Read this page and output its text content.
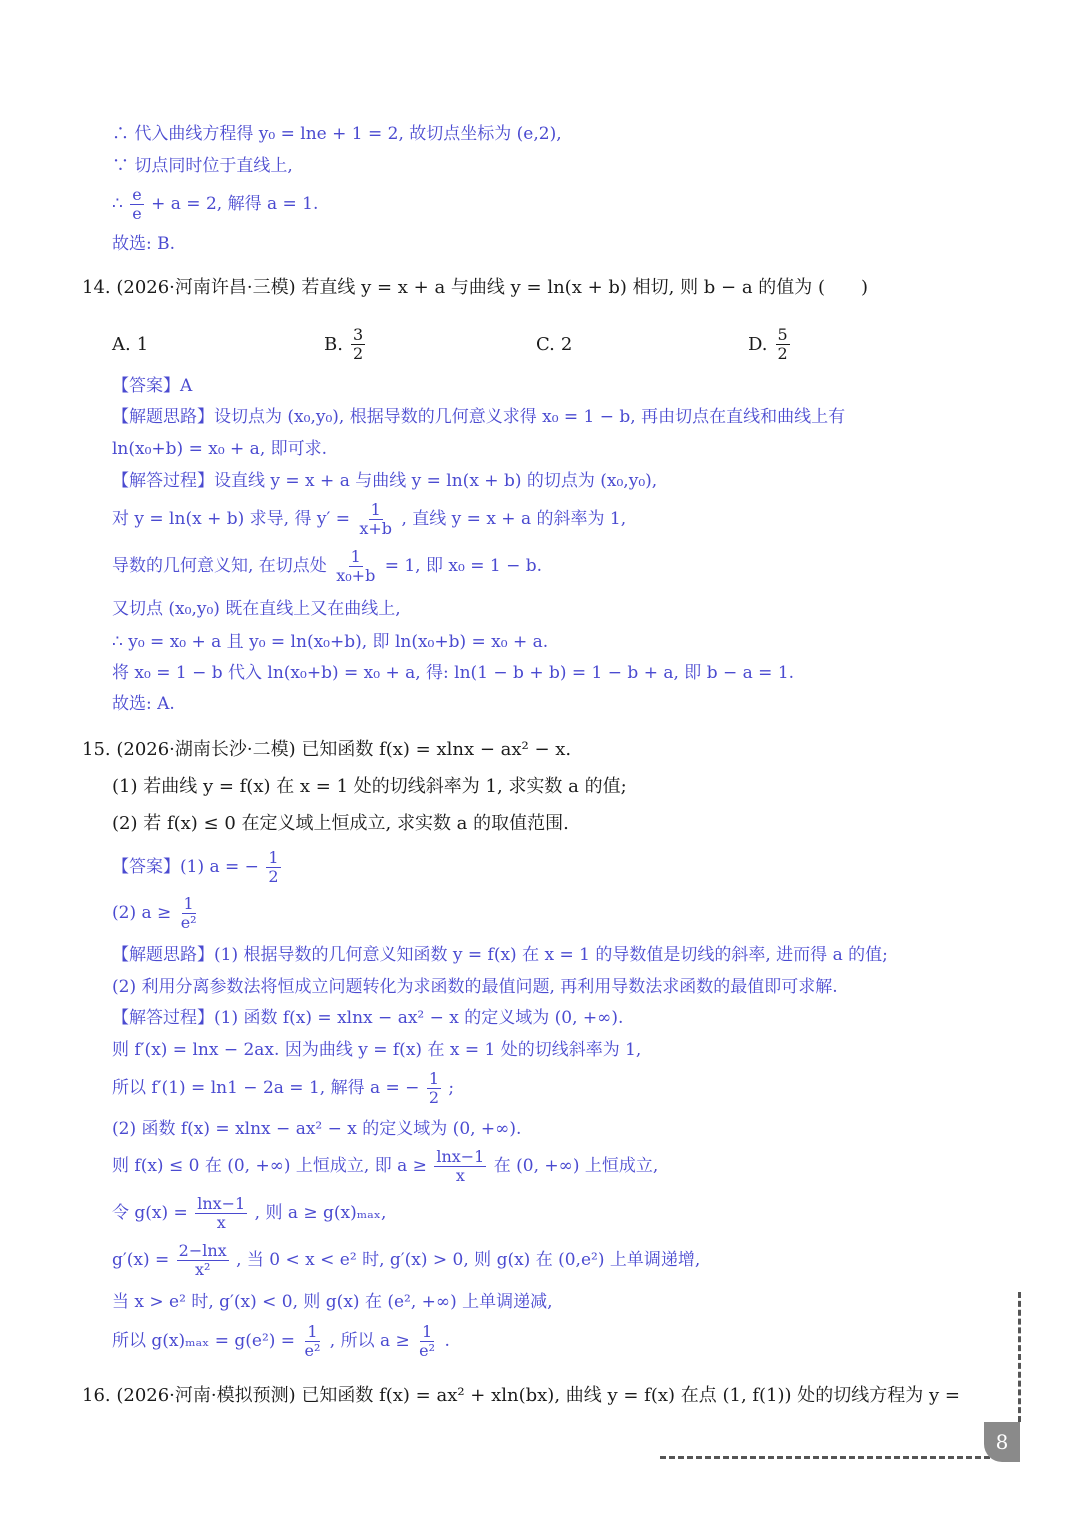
∴ 代入曲线方程得 y₀ = lne + 1 = 2, 故切点坐标为 (e,2),
∵ 切点同时位于直线上,
∴ $\frac{e}{e} + a = 2$, 解得 a = 1.
故选: B.
14. (2026·河南许昌·三模) 若直线 y = x + a 与曲线 y = ln(x + b) 相切, 则 b − a 的值为 (　　)
A. 1	B. $\frac{3}{2}$	C. 2	D. $\frac{5}{2}$
【答案】A
【解题思路】设切点为 (x₀,y₀), 根据导数的几何意义求得 x₀ = 1 − b, 再由切点在直线和曲线上有
ln(x₀+b) = x₀ + a, 即可求.
【解答过程】设直线 y = x + a 与曲线 y = ln(x + b) 的切点为 (x₀,y₀),
对 y = ln(x + b) 求导, 得 $y' = \frac{1}{x+b}$ , 直线 y = x + a 的斜率为 1,
导数的几何意义知, 在切点处 $\frac{1}{\text{x₀+b}} = 1$, 即 x₀ = 1 − b.
又切点 (x₀,y₀) 既在直线上又在曲线上,
∴ y₀ = x₀ + a 且 y₀ = ln(x₀+b), 即 ln(x₀+b) = x₀ + a.
将 x₀ = 1 − b 代入 ln(x₀+b) = x₀ + a, 得: ln(1 − b + b) = 1 − b + a, 即 b − a = 1.
故选: A.
15. (2026·湖南长沙·二模) 已知函数 f(x) = xlnx − ax² − x.
(1) 若曲线 y = f(x) 在 x = 1 处的切线斜率为 1, 求实数 a 的值;
(2) 若 f(x) ≤ 0 在定义域上恒成立, 求实数 a 的取值范围.
【答案】(1) a = − $\frac{1}{2}$
(2) $a \ge \frac{1}{\text{e²}}$
【解题思路】(1) 根据导数的几何意义知函数 y = f(x) 在 x = 1 的导数值是切线的斜率, 进而得 a 的值;
(2) 利用分离参数法将恒成立问题转化为求函数的最值问题, 再利用导数法求函数的最值即可求解.
【解答过程】(1) 函数 f(x) = xlnx − ax² − x 的定义域为 (0, +∞).
则 f′(x) = lnx − 2ax. 因为曲线 y = f(x) 在 x = 1 处的切线斜率为 1,
所以 f′(1) = ln1 − 2a = 1, 解得 a = − $\frac{1}{2}$ ;
(2) 函数 f(x) = xlnx − ax² − x 的定义域为 (0, +∞).
则 f(x) ≤ 0 在 (0, +∞) 上恒成立, 即 $a \ge \frac{\ln x-1}{x}$ 在 (0, +∞) 上恒成立,
令 $g(x) = \frac{\ln x-1}{x}$ , 则 a ≥ g(x)ₘₐₓ,
$g'(x) = \frac{2-\ln x}{\text{x²}}$ , 当 0 < x < e² 时, g′(x) > 0, 则 g(x) 在 (0,e²) 上单调递增,
当 x > e² 时, g′(x) < 0, 则 g(x) 在 (e², +∞) 上单调递减,
所以 $g(x)_{max} = g(e^2) = \frac{1}{\text{e²}}$ , 所以 $a \ge \frac{1}{\text{e²}}$ .
16. (2026·河南·模拟预测) 已知函数 f(x) = ax² + xln(bx), 曲线 y = f(x) 在点 (1, f(1)) 处的切线方程为 y =
8
